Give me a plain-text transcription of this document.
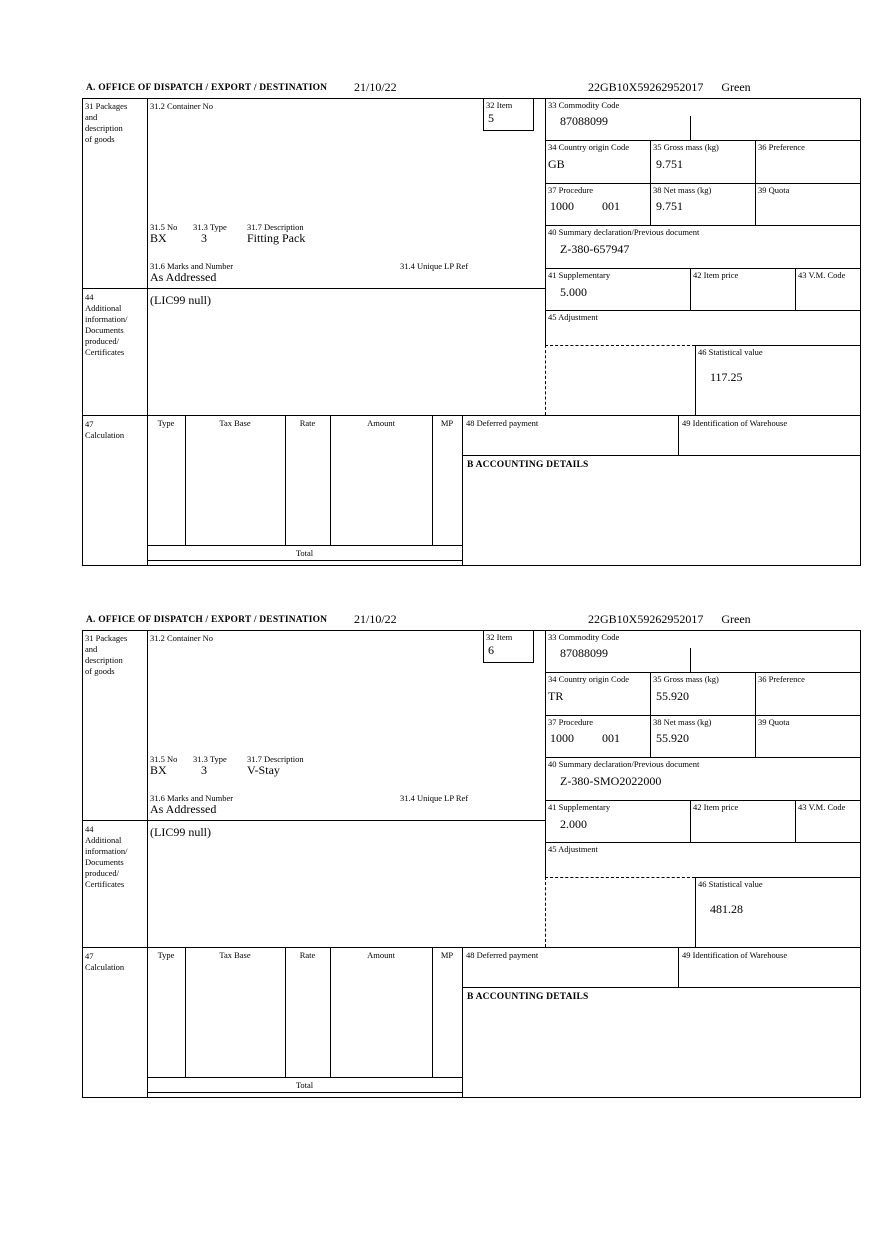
A. OFFICE OF DISPATCH / EXPORT / DESTINATION 21/10/22	22GB10X59262952017 Green
31 Packages
and
description
of goods
44
Additional
information/
Documents
produced/
Certificates
47
Calculation
31.2 Container No	32 Item
5
31.5 No 31.3 Type 31.7 Description
BX	3	Fitting Pack
31.6 Marks and Number	31.4 Unique LP Ref
As Addressed
(LIC99 null)
33 Commodity Code
87088099
34 Country origin Code
GB
35 Gross mass (kg)
9.751
36 Preference
37 Procedure
1000 001
38 Net mass (kg)
9.751
39 Quota
40 Summary declaration/Previous document
Z-380-657947
41 Supplementary
5.000
42 Item price	43 V.M. Code
45 Adjustment
46 Statistical value
117.25
Type	Tax Base	Rate	Amount	MP
Total
48 Deferred payment	49 Identification of Warehouse
B ACCOUNTING DETAILS
A. OFFICE OF DISPATCH / EXPORT / DESTINATION 21/10/22	22GB10X59262952017 Green
31 Packages
and
description
of goods
44
Additional
information/
Documents
produced/
Certificates
47
Calculation
31.2 Container No	32 Item
6
31.5 No 31.3 Type 31.7 Description
BX	3	V-Stay
31.6 Marks and Number	31.4 Unique LP Ref
As Addressed
(LIC99 null)
33 Commodity Code
87088099
34 Country origin Code
TR
35 Gross mass (kg)
55.920
36 Preference
37 Procedure
1000 001
38 Net mass (kg)
55.920
39 Quota
40 Summary declaration/Previous document
Z-380-SMO2022000
41 Supplementary
2.000
42 Item price	43 V.M. Code
45 Adjustment
46 Statistical value
481.28
Type	Tax Base	Rate	Amount	MP
Total
48 Deferred payment	49 Identification of Warehouse
B ACCOUNTING DETAILS
